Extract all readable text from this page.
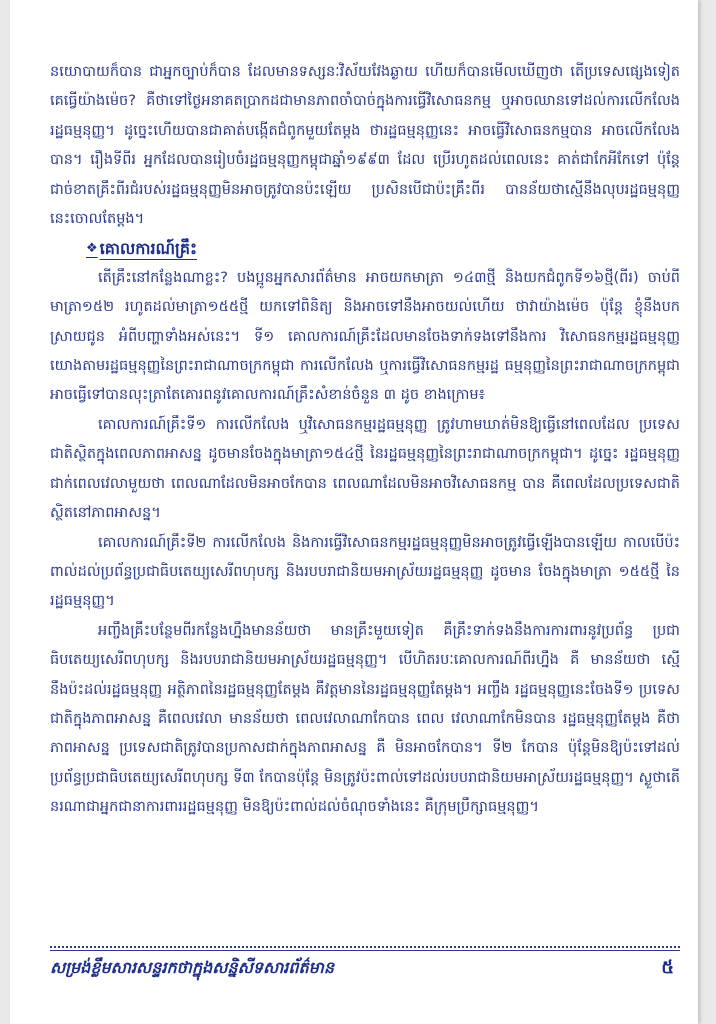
នយោបាយក៏បាន ជាអ្នកច្បាប់ក៏បាន ដែលមានទស្សនៈវិស័យវែងឆ្ងាយ ហើយក៏បានមើលឃើញថា តើប្រទេសផ្សេងទៀតគេធ្វើយ៉ាងម៉េច? គឺថាទៅថ្ងៃអនាគតប្រាកដជាមានភាពចាំបាច់ក្នុងការធ្វើវិសោធនកម្ម ឬអាចឈានទៅដល់ការលើកលែងរដ្ឋធម្មនុញ្ញ។ ដូច្នេះហើយបានជាគាត់បង្កើតជំពូកមួយតែម្តង ថារដ្ឋធម្មនុញ្ញនេះ អាចធ្វើវិសោធនកម្មបាន អាចលើកលែងបាន។ រឿងទីពីរ អ្នកដែលបានរៀបចំរដ្ឋធម្មនុញ្ញកម្ពុជាឆ្នាំ១៩៩៣ ដែល ប្រើរហូតដល់ពេលនេះ គាត់ជាកែអីកែទៅ ប៉ុន្តែជាច់ខាតគ្រឹះពីរជំរបស់រដ្ឋធម្មនុញ្ញមិនអាចត្រូវបានប៉ះឡើយ ប្រសិនបើជាប៉ះគ្រឹះពីរ បានន័យថាស្មើនឹងលុបរដ្ឋធម្មនុញ្ញនេះចោលតែម្តង។

❖ គោលការណ៍គ្រឹះ

តើគ្រឹះនៅកន្លែងណាខ្លះ? បងប្អូនអ្នកសារព័ត៌មាន អាចយកមាត្រា ១៤៣ថ្មី និងយកជំពូកទី១៦ថ្មី(ពីរ) ចាប់ពីមាត្រា១៥២ រហូតដល់មាត្រា១៥៥ថ្មី យកទៅពិនិត្យ និងអាចទៅនឹងអាចយល់ហើយ ថាវាយ៉ាងម៉េច ប៉ុន្តែ ខ្ញុំនឹងបកស្រាយជូន អំពីបញ្ហាទាំងអស់នេះ។ ទី១ គោលការណ៍គ្រឹះដែលមានចែងទាក់ទងទៅនឹងការ វិសោធនកម្មរដ្ឋធម្មនុញ្ញ យោងតាមរដ្ឋធម្មនុញ្ញនៃព្រះរាជាណាចក្រកម្ពុជា ការលើកលែង ឬការធ្វើវិសោធនកម្មរដ្ឋ ធម្មនុញ្ញនៃព្រះរាជាណាចក្រកម្ពុជា អាចធ្វើទៅបានលុះត្រាតែគោរពនូវគោលការណ៍គ្រឹះសំខាន់ចំនួន ៣ ដូច ខាងក្រោម៖

គោលការណ៍គ្រឹះទី១ ការលើកលែង ឬវិសោធនកម្មរដ្ឋធម្មនុញ្ញ ត្រូវហាមឃាត់មិនឱ្យធ្វើនៅពេលដែល ប្រទេសជាតិស្ថិតក្នុងពេលភាពអាសន្ន ដូចមានចែងក្នុងមាត្រា១៥៤ថ្មី នៃរដ្ឋធម្មនុញ្ញនៃព្រះរាជាណាចក្រកម្ពុជា។ ដូច្នេះ រដ្ឋធម្មនុញ្ញជាក់ពេលវេលាមួយថា ពេលណាដែលមិនអាចកែបាន ពេលណាដែលមិនអាចវិសោធនកម្ម បាន គឺពេលដែលប្រទេសជាតិស្ថិតនៅភាពអាសន្ន។

គោលការណ៍គ្រឹះទី២ ការលើកលែង និងការធ្វើវិសោធនកម្មរដ្ឋធម្មនុញ្ញមិនអាចត្រូវធ្វើឡើងបានឡើយ កាលបើប៉ះពាល់ដល់ប្រព័ន្ធប្រជាធិបតេយ្យសេរីពហុបក្ស និងរបបរាជានិយមអាស្រ័យរដ្ឋធម្មនុញ្ញ ដូចមាន ចែងក្នុងមាត្រា ១៥៥ថ្មី នៃរដ្ឋធម្មនុញ្ញ។

អញ្ចឹងគ្រឹះបន្ថែមពីរកន្លែងហ្នឹងមានន័យថា មានគ្រឹះមួយទៀត គឺគ្រឹះទាក់ទងនឹងការការពារនូវប្រព័ន្ធ ប្រជាធិបតេយ្យសេរីពហុបក្ស និងរបបរាជានិយមអាស្រ័យរដ្ឋធម្មនុញ្ញ។ បើហិតរបៈគោលការណ៍ពីរហ្នឹង គឺ មានន័យថា ស្មើនឹងប៉ះដល់រដ្ឋធម្មនុញ្ញ អត្ថិភាពនៃរដ្ឋធម្មនុញ្ញតែម្តង គឺវត្តមាននៃរដ្ឋធម្មនុញ្ញតែម្តង។ អញ្ចឹង រដ្ឋធម្មនុញ្ញនេះចែងទី១ ប្រទេសជាតិក្នុងភាពអាសន្ន គឺពេលវេលា មានន័យថា ពេលវេលាណាកែបាន ពេល វេលាណាកែមិនបាន រដ្ឋធម្មនុញ្ញតែម្តង គឺថាភាពអាសន្ន ប្រទេសជាតិត្រូវបានប្រកាសជាក់ក្នុងភាពអាសន្ន គឺ មិនអាចកែបាន។ ទី២ កែបាន ប៉ុន្តែមិនឱ្យប៉ះទៅដល់ប្រព័ន្ធប្រជាធិបតេយ្យសេរីពហុបក្ស ទី៣ កែបានប៉ុន្តែ មិនត្រូវប៉ះពាល់ទៅដល់របបរាជានិយមអាស្រ័យរដ្ឋធម្មនុញ្ញ។ ស្ងួថាតើនរណាជាអ្នកជានាការពាររដ្ឋធម្មនុញ្ញ មិនឱ្យប៉ះពាល់ដល់ចំណុចទាំងនេះ គឺក្រុមប្រឹក្សាធម្មនុញ្ញ។

សម្រង់ខ្លឹមសារសន្ទរកថាក្នុងសន្និសីទសារព័ត៌មាន	៥
